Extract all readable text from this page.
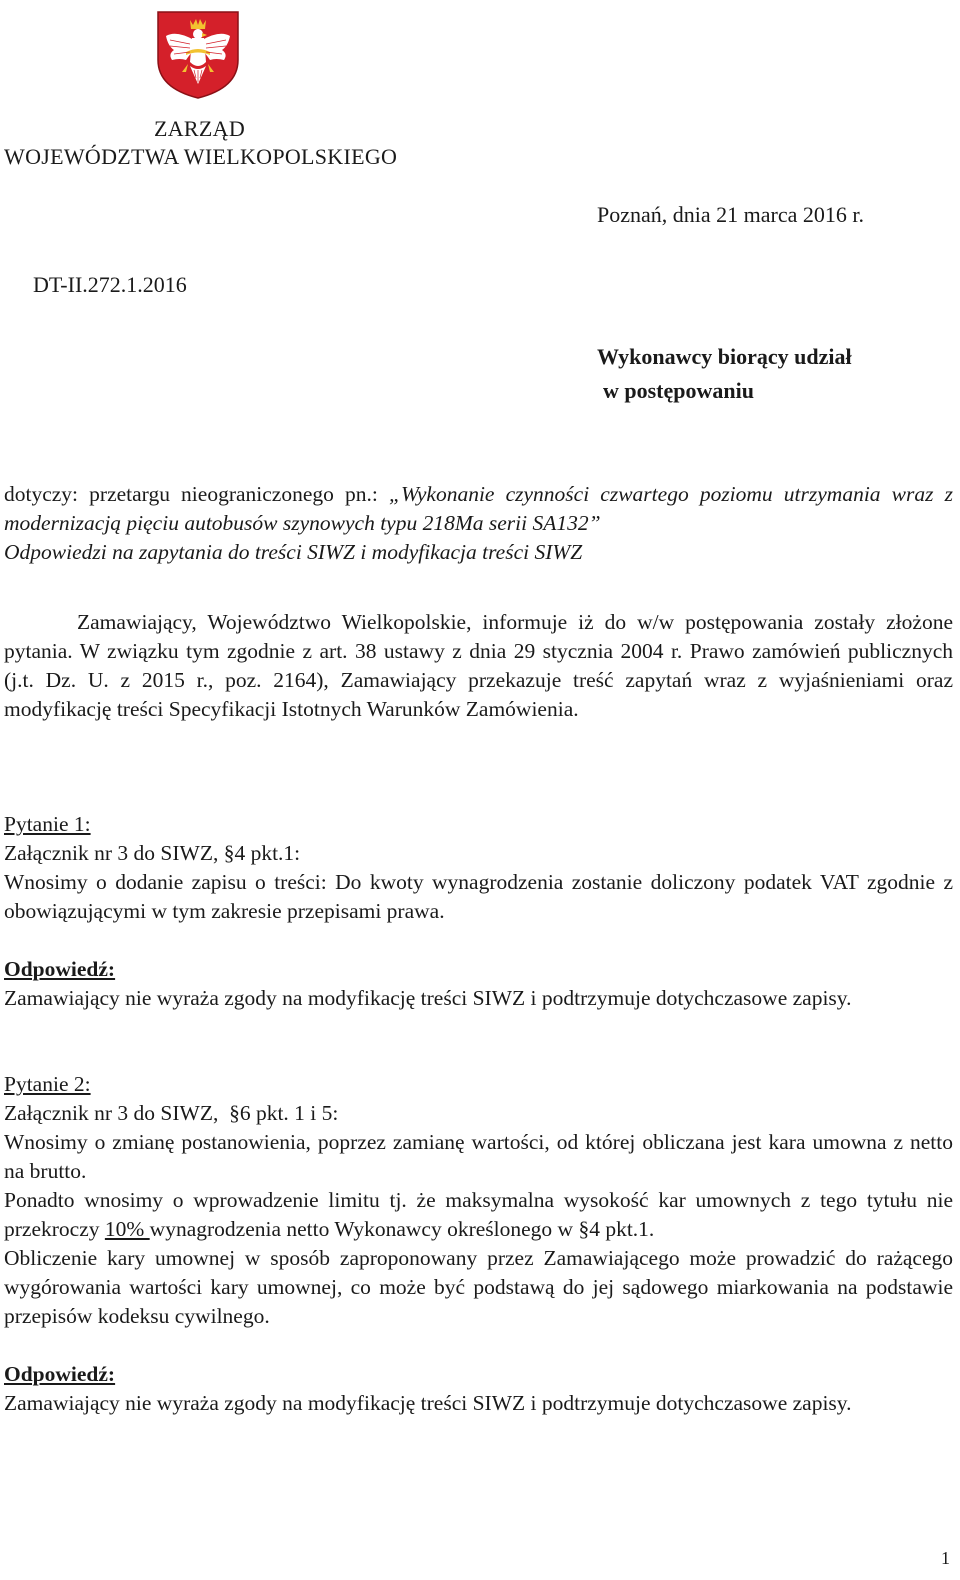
ZARZĄD
WOJEWÓDZTWA WIELKOPOLSKIEGO
Poznań, dnia 21 marca 2016 r.
DT-II.272.1.2016
Wykonawcy biorący udział
w postępowaniu
dotyczy: przetargu nieograniczonego pn.: „Wykonanie czynności czwartego poziomu utrzymania wraz z modernizacją pięciu autobusów szynowych typu 218Ma serii SA132”
Odpowiedzi na zapytania do treści SIWZ i modyfikacja treści SIWZ
Zamawiający, Województwo Wielkopolskie, informuje iż do w/w postępowania zostały złożone pytania. W związku tym zgodnie z art. 38 ustawy z dnia 29 stycznia 2004 r. Prawo zamówień publicznych (j.t. Dz. U. z 2015 r., poz. 2164), Zamawiający przekazuje treść zapytań wraz z wyjaśnieniami oraz modyfikację treści Specyfikacji Istotnych Warunków Zamówienia.
Pytanie 1:
Załącznik nr 3 do SIWZ, §4 pkt.1:
Wnosimy o dodanie zapisu o treści: Do kwoty wynagrodzenia zostanie doliczony podatek VAT zgodnie z obowiązującymi w tym zakresie przepisami prawa.
Odpowiedź:
Zamawiający nie wyraża zgody na modyfikację treści SIWZ i podtrzymuje dotychczasowe zapisy.
Pytanie 2:
Załącznik nr 3 do SIWZ,  §6 pkt. 1 i 5:
Wnosimy o zmianę postanowienia, poprzez zamianę wartości, od której obliczana jest kara umowna z netto na brutto.
Ponadto wnosimy o wprowadzenie limitu tj. że maksymalna wysokość kar umownych z tego tytułu nie przekroczy 10% wynagrodzenia netto Wykonawcy określonego w §4 pkt.1.
Obliczenie kary umownej w sposób zaproponowany przez Zamawiającego może prowadzić do rażącego wygórowania wartości kary umownej, co może być podstawą do jej sądowego miarkowania na podstawie przepisów kodeksu cywilnego.
Odpowiedź:
Zamawiający nie wyraża zgody na modyfikację treści SIWZ i podtrzymuje dotychczasowe zapisy.
1
